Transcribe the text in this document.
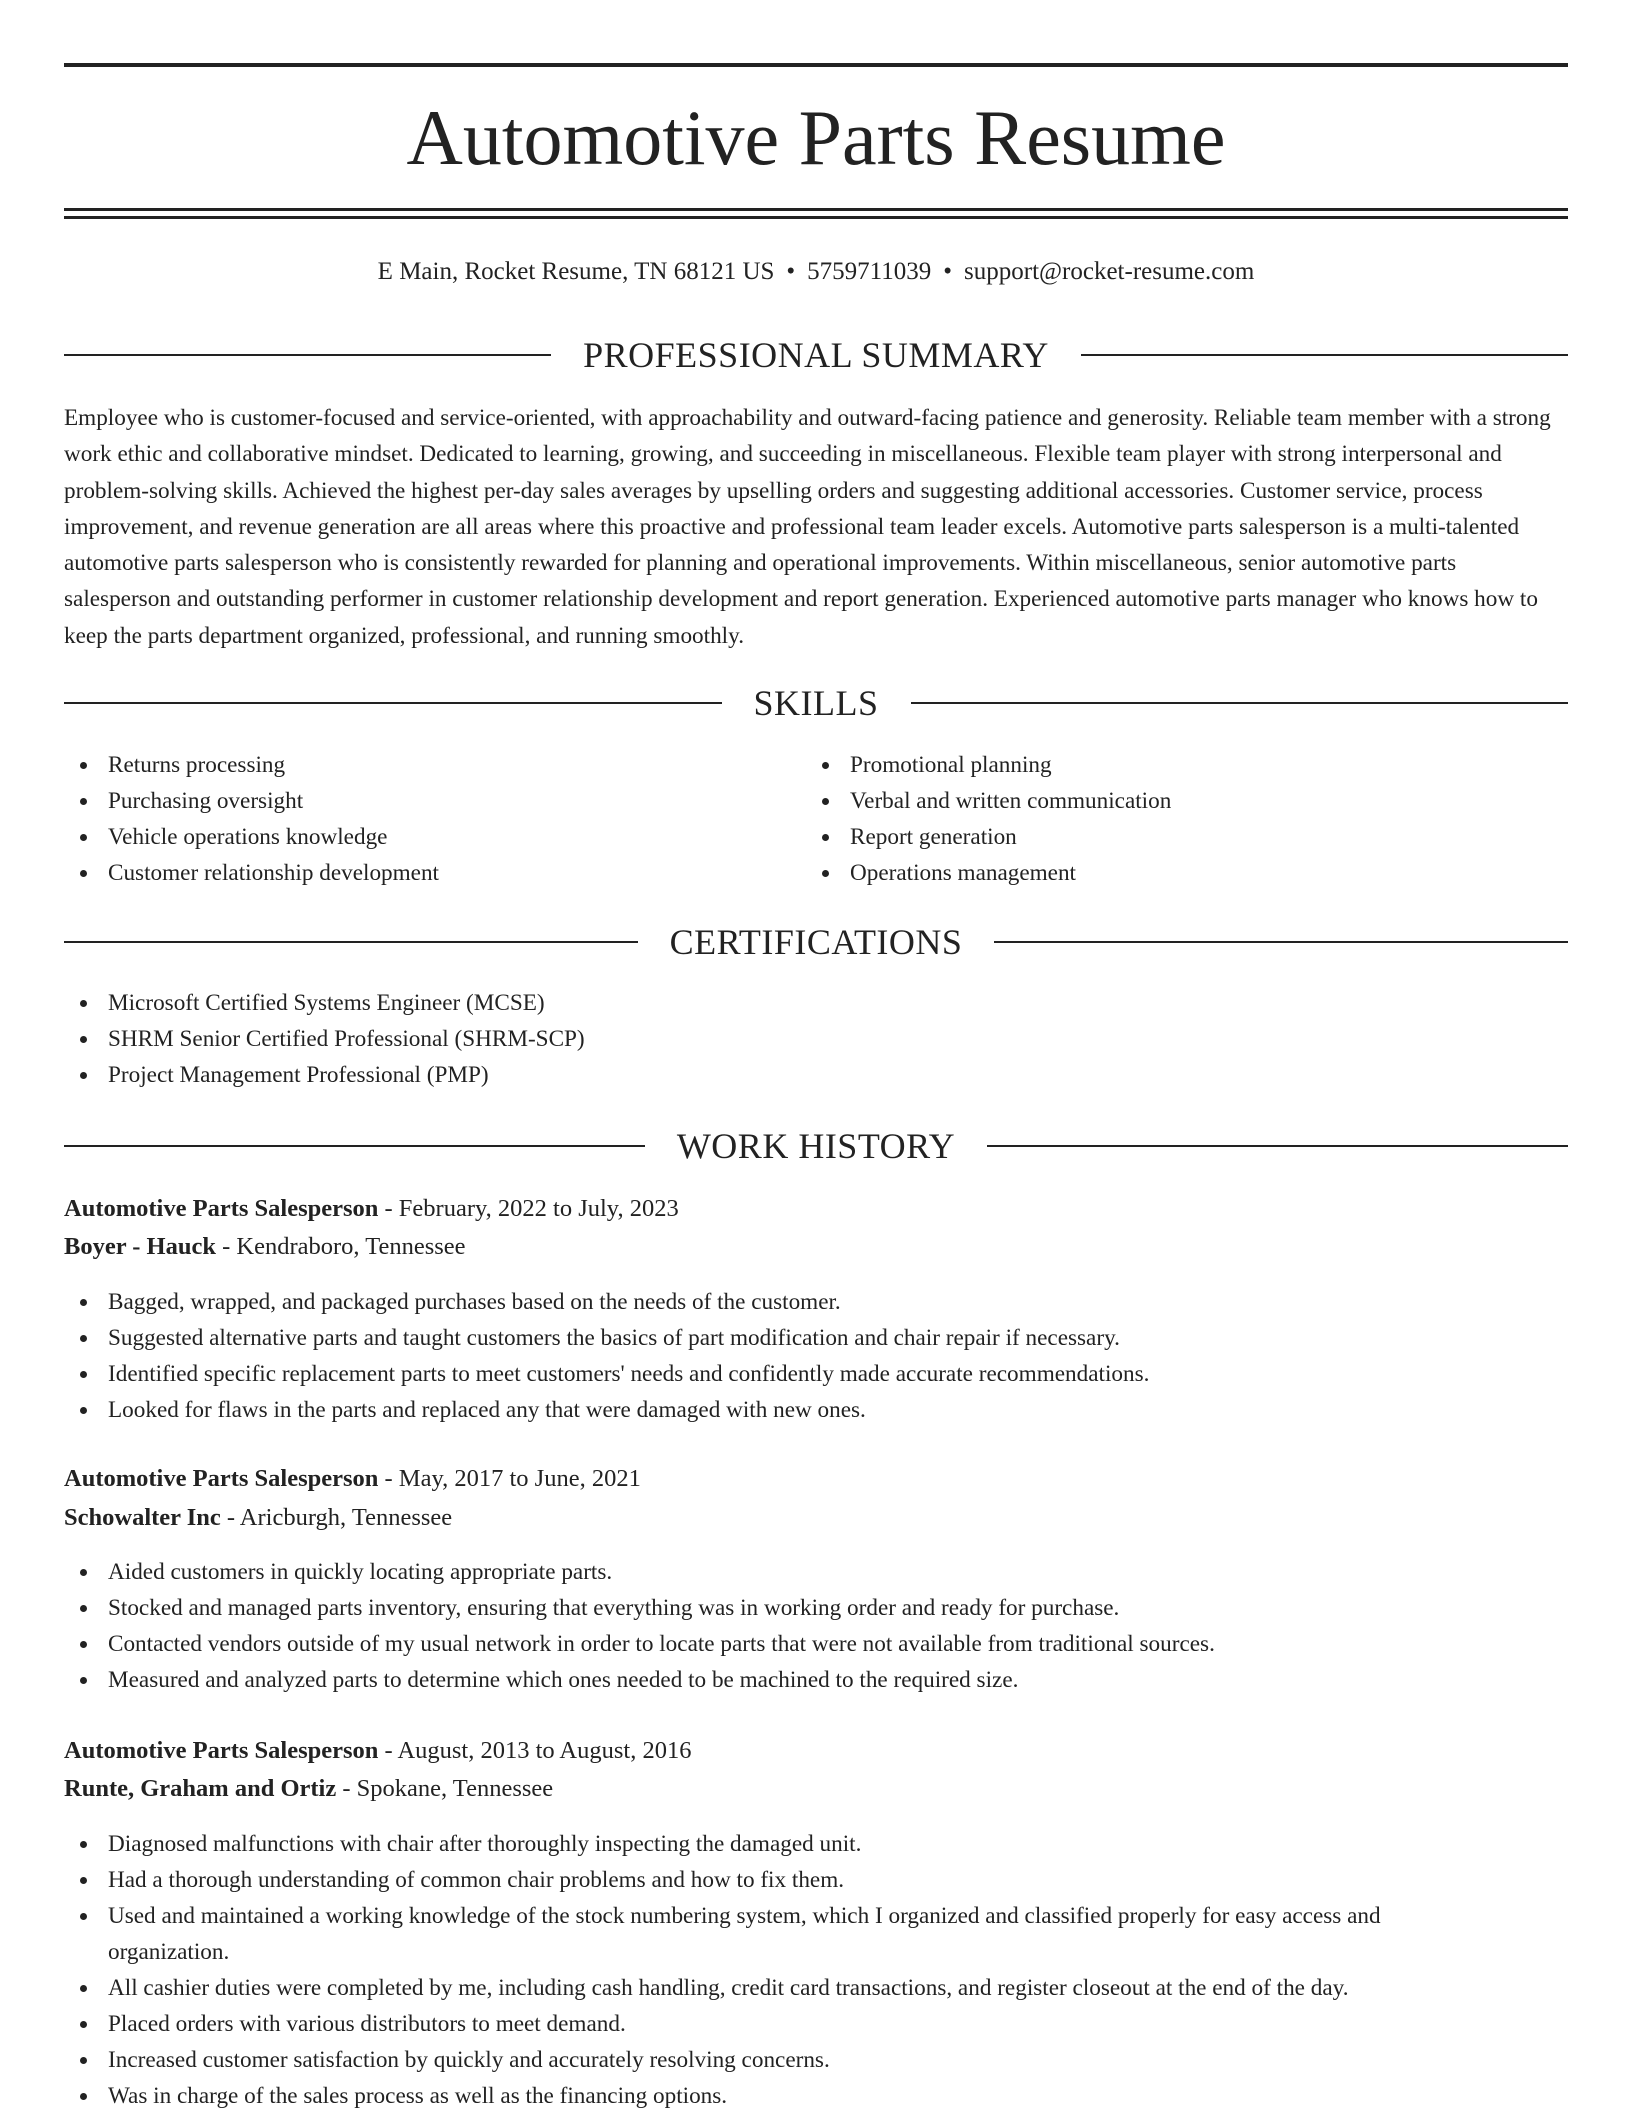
Automotive Parts Resume
E Main, Rocket Resume, TN 68121 US • 5759711039 • support@rocket-resume.com
PROFESSIONAL SUMMARY

Employee who is customer-focused and service-oriented, with approachability and outward-facing patience and generosity. Reliable team member with a strong work ethic and collaborative mindset. Dedicated to learning, growing, and succeeding in miscellaneous. Flexible team player with strong interpersonal and problem-solving skills. Achieved the highest per-day sales averages by upselling orders and suggesting additional accessories. Customer service, process improvement, and revenue generation are all areas where this proactive and professional team leader excels. Automotive parts salesperson is a multi-talented automotive parts salesperson who is consistently rewarded for planning and operational improvements. Within miscellaneous, senior automotive parts salesperson and outstanding performer in customer relationship development and report generation. Experienced automotive parts manager who knows how to keep the parts department organized, professional, and running smoothly.

SKILLS
Returns processing
Purchasing oversight
Vehicle operations knowledge
Customer relationship development
Promotional planning
Verbal and written communication
Report generation
Operations management
CERTIFICATIONS
Microsoft Certified Systems Engineer (MCSE)
SHRM Senior Certified Professional (SHRM-SCP)
Project Management Professional (PMP)
WORK HISTORY
Automotive Parts Salesperson - February, 2022 to July, 2023
Boyer - Hauck - Kendraboro, Tennessee
Bagged, wrapped, and packaged purchases based on the needs of the customer.
Suggested alternative parts and taught customers the basics of part modification and chair repair if necessary.
Identified specific replacement parts to meet customers' needs and confidently made accurate recommendations.
Looked for flaws in the parts and replaced any that were damaged with new ones.
Automotive Parts Salesperson - May, 2017 to June, 2021
Schowalter Inc - Aricburgh, Tennessee
Aided customers in quickly locating appropriate parts.
Stocked and managed parts inventory, ensuring that everything was in working order and ready for purchase.
Contacted vendors outside of my usual network in order to locate parts that were not available from traditional sources.
Measured and analyzed parts to determine which ones needed to be machined to the required size.
Automotive Parts Salesperson - August, 2013 to August, 2016
Runte, Graham and Ortiz - Spokane, Tennessee
Diagnosed malfunctions with chair after thoroughly inspecting the damaged unit.
Had a thorough understanding of common chair problems and how to fix them.
Used and maintained a working knowledge of the stock numbering system, which I organized and classified properly for easy access and organization.
All cashier duties were completed by me, including cash handling, credit card transactions, and register closeout at the end of the day.
Placed orders with various distributors to meet demand.
Increased customer satisfaction by quickly and accurately resolving concerns.
Was in charge of the sales process as well as the financing options.
